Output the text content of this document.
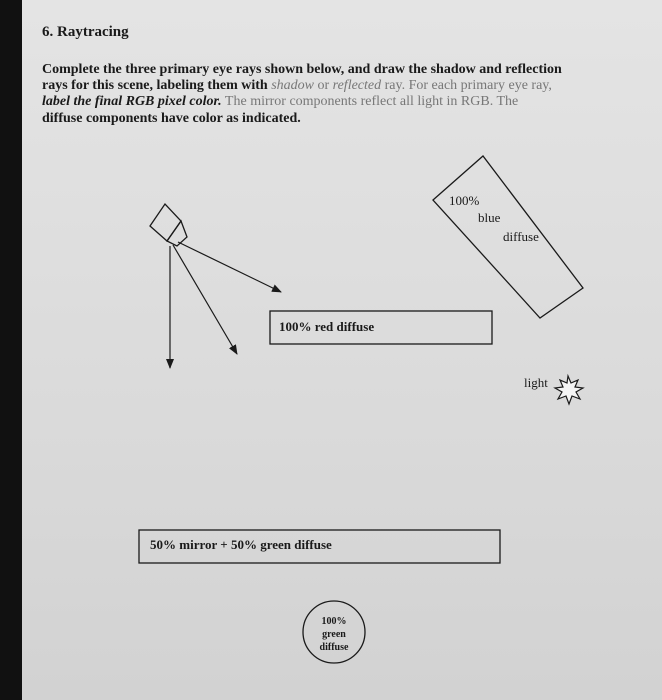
6. Raytracing
Complete the three primary eye rays shown below, and draw the shadow and reflection
rays for this scene, labeling them with shadow or reflected ray. For each primary eye ray,
label the final RGB pixel color. The mirror components reflect all light in RGB. The
diffuse components have color as indicated.
100%
blue
diffuse
100% red diffuse
light
50% mirror + 50% green diffuse
100%
green
diffuse
